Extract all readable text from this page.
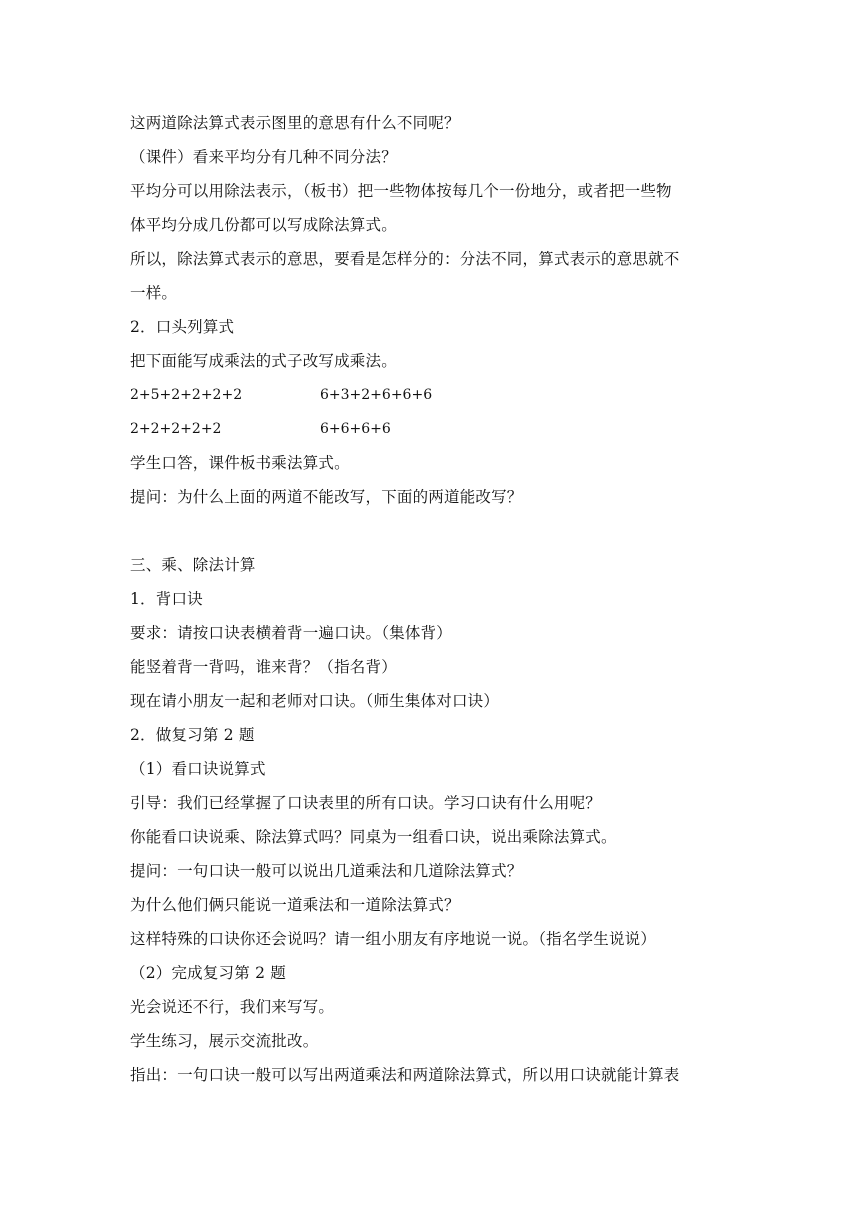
这两道除法算式表示图里的意思有什么不同呢？
（课件）看来平均分有几种不同分法？
平均分可以用除法表示，（板书）把一些物体按每几个一份地分，或者把一些物
体平均分成几份都可以写成除法算式。
所以，除法算式表示的意思，要看是怎样分的：分法不同，算式表示的意思就不
一样。
2．口头列算式
把下面能写成乘法的式子改写成乘法。
2+5+2+2+2+2	6+3+2+6+6+6
2+2+2+2+2	6+6+6+6
学生口答，课件板书乘法算式。
提问：为什么上面的两道不能改写，下面的两道能改写？
三、乘、除法计算
1．背口诀
要求：请按口诀表横着背一遍口诀。（集体背）
能竖着背一背吗，谁来背？（指名背）
现在请小朋友一起和老师对口诀。（师生集体对口诀）
2．做复习第 2 题
（1）看口诀说算式
引导：我们已经掌握了口诀表里的所有口诀。学习口诀有什么用呢？
你能看口诀说乘、除法算式吗？同桌为一组看口诀，说出乘除法算式。
提问：一句口诀一般可以说出几道乘法和几道除法算式？
为什么他们俩只能说一道乘法和一道除法算式？
这样特殊的口诀你还会说吗？请一组小朋友有序地说一说。（指名学生说说）
（2）完成复习第 2 题
光会说还不行，我们来写写。
学生练习，展示交流批改。
指出：一句口诀一般可以写出两道乘法和两道除法算式，所以用口诀就能计算表
